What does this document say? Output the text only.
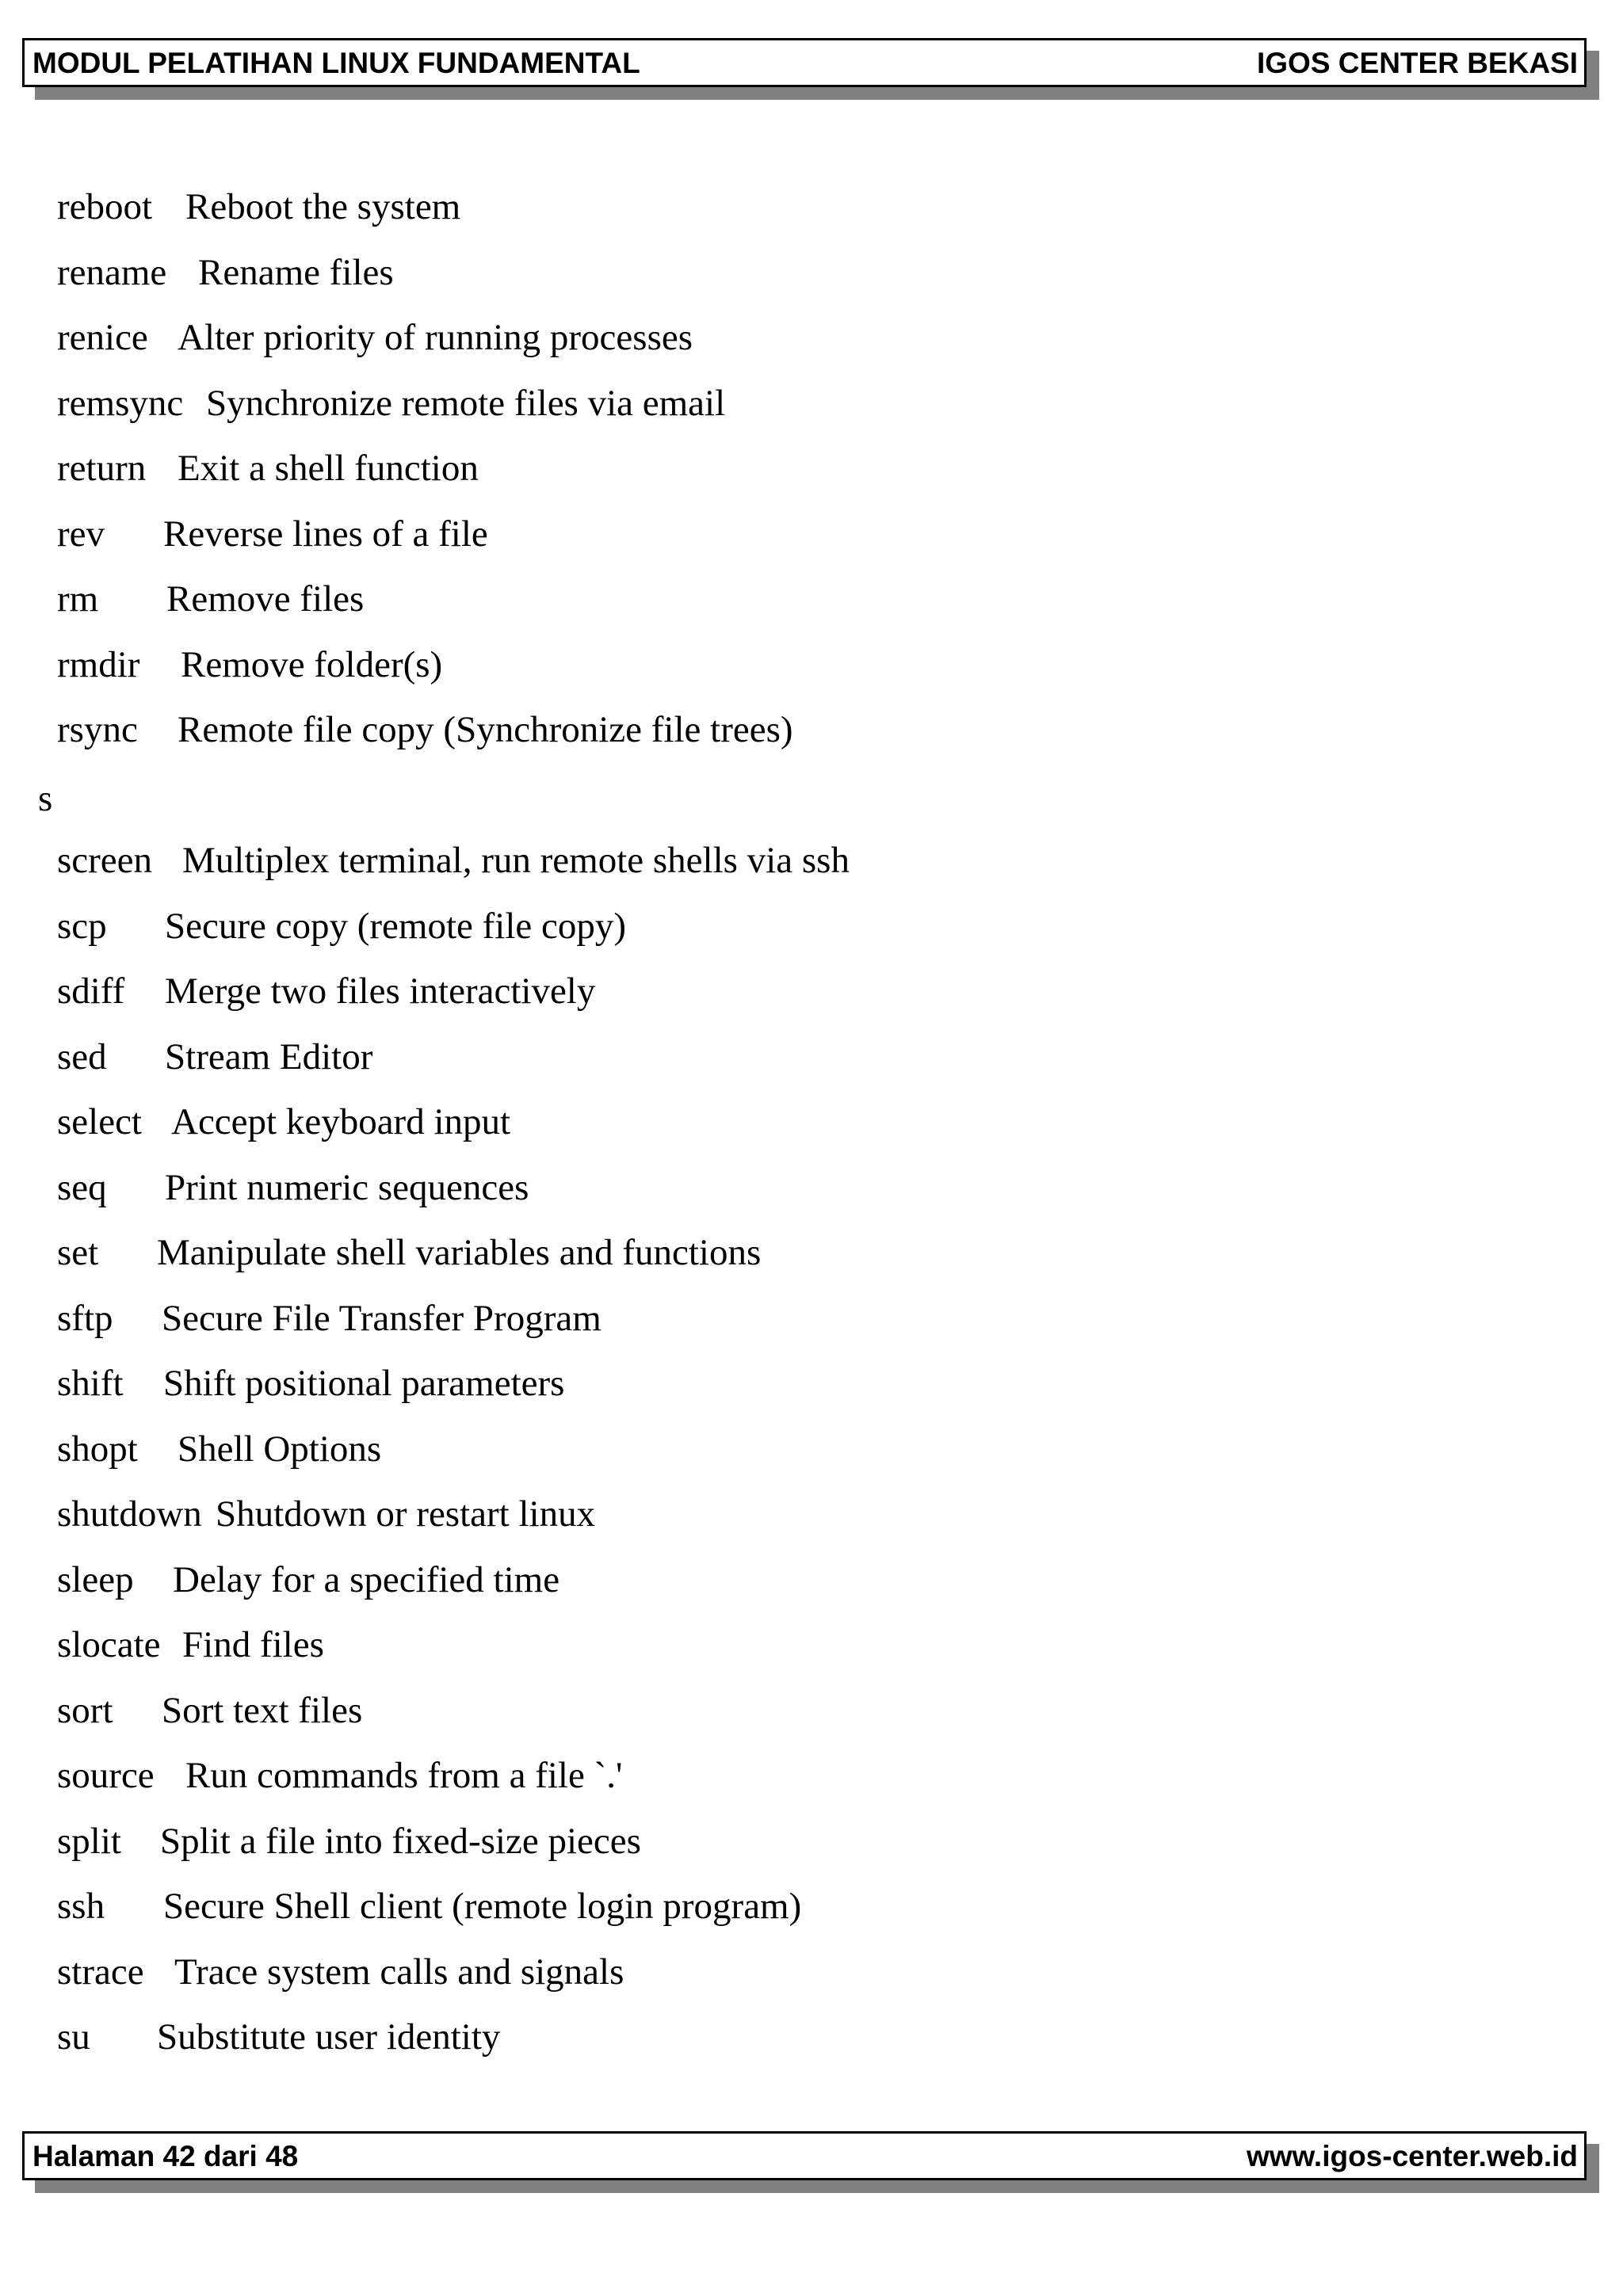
MODUL PELATIHAN LINUX FUNDAMENTAL	IGOS CENTER BEKASI
reboot Reboot the system
rename Rename files
renice Alter priority of running processes
remsync Synchronize remote files via email
return Exit a shell function
rev Reverse lines of a file
rm Remove files
rmdir Remove folder(s)
rsync Remote file copy (Synchronize file trees)
s
screen Multiplex terminal, run remote shells via ssh
scp Secure copy (remote file copy)
sdiff Merge two files interactively
sed Stream Editor
select Accept keyboard input
seq Print numeric sequences
set Manipulate shell variables and functions
sftp Secure File Transfer Program
shift Shift positional parameters
shopt Shell Options
shutdown Shutdown or restart linux
sleep Delay for a specified time
slocate Find files
sort Sort text files
source Run commands from a file `.'
split Split a file into fixed-size pieces
ssh Secure Shell client (remote login program)
strace Trace system calls and signals
su Substitute user identity
Halaman 42 dari 48	www.igos-center.web.id
